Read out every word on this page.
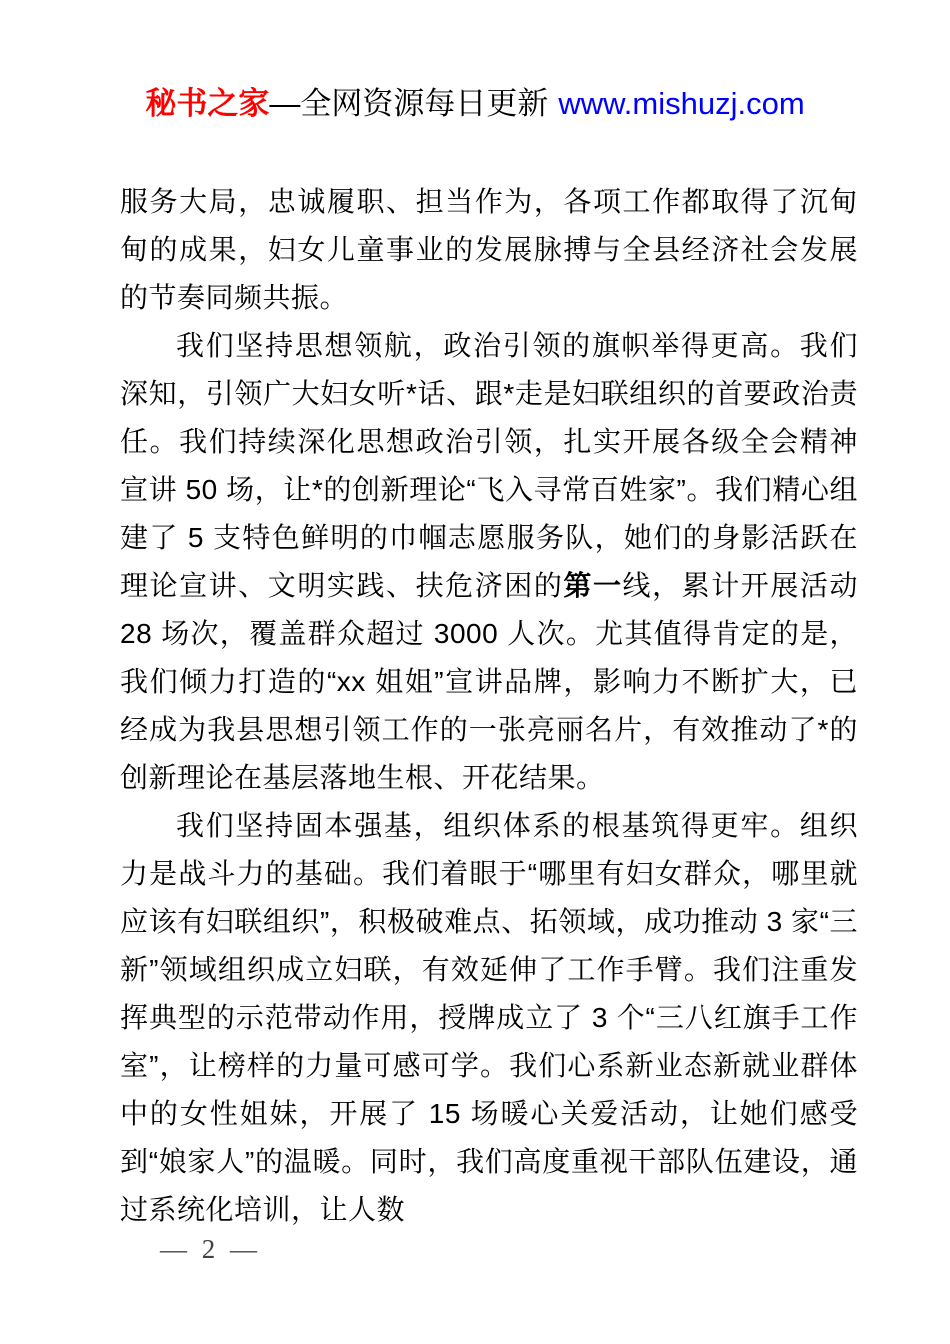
秘书之家—全网资源每日更新 www.mishuzj.com

服务大局，忠诚履职、担当作为，各项工作都取得了沉甸甸的成果，妇女儿童事业的发展脉搏与全县经济社会发展的节奏同频共振。

我们坚持思想领航，政治引领的旗帜举得更高。我们深知，引领广大妇女听*话、跟*走是妇联组织的首要政治责任。我们持续深化思想政治引领，扎实开展各级全会精神宣讲 50 场，让*的创新理论“飞入寻常百姓家”。我们精心组建了 5 支特色鲜明的巾帼志愿服务队，她们的身影活跃在理论宣讲、文明实践、扶危济困的第一线，累计开展活动 28 场次，覆盖群众超过 3000 人次。尤其值得肯定的是，我们倾力打造的“xx 姐姐”宣讲品牌，影响力不断扩大，已经成为我县思想引领工作的一张亮丽名片，有效推动了*的创新理论在基层落地生根、开花结果。

我们坚持固本强基，组织体系的根基筑得更牢。组织力是战斗力的基础。我们着眼于“哪里有妇女群众，哪里就应该有妇联组织”，积极破难点、拓领域，成功推动 3 家“三新”领域组织成立妇联，有效延伸了工作手臂。我们注重发挥典型的示范带动作用，授牌成立了 3 个“三八红旗手工作室”，让榜样的力量可感可学。我们心系新业态新就业群体中的女性姐妹，开展了 15 场暖心关爱活动，让她们感受到“娘家人”的温暖。同时，我们高度重视干部队伍建设，通过系统化培训，让人数

— 2 —
